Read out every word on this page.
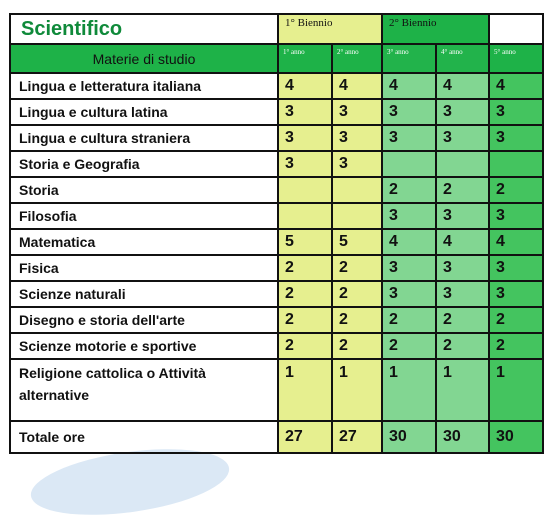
Scientifico	1° Biennio		2° Biennio		
Materie di studio	1° anno	2° anno	3° anno	4° anno	5° anno
Lingua e letteratura italiana	4	4	4	4	4
Lingua e cultura latina	3	3	3	3	3
Lingua e cultura straniera	3	3	3	3	3
Storia e Geografia	3	3			
Storia			2	2	2
Filosofia			3	3	3
Matematica	5	5	4	4	4
Fisica	2	2	3	3	3
Scienze naturali	2	2	3	3	3
Disegno e storia dell'arte	2	2	2	2	2
Scienze motorie e sportive	2	2	2	2	2
Religione cattolica o Attività alternative	1	1	1	1	1
Totale ore	27	27	30	30	30
